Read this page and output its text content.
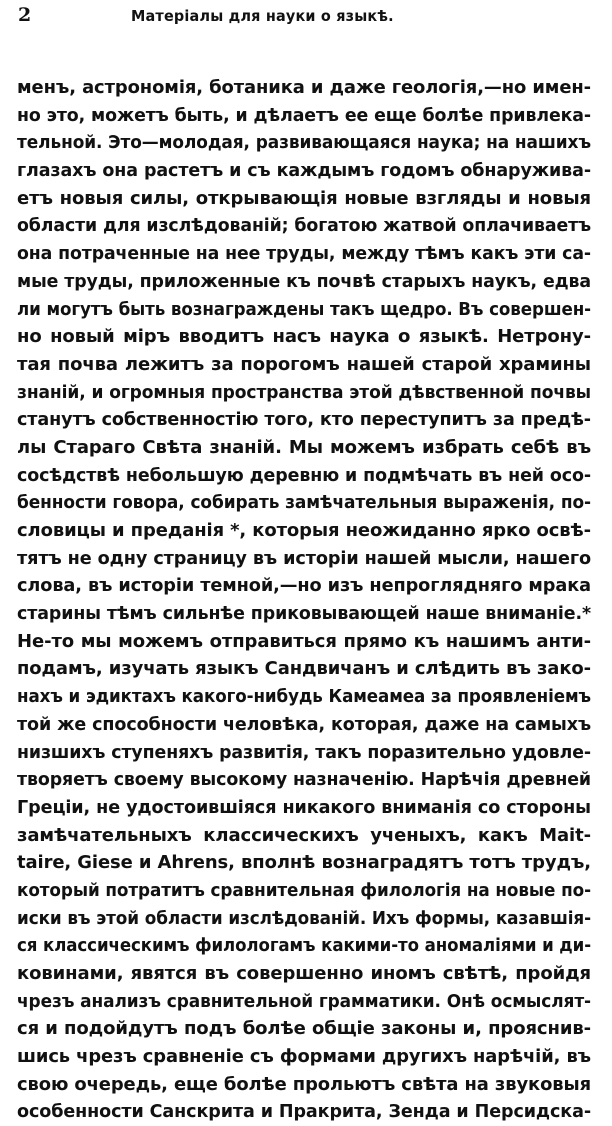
2	Матеріалы для науки о языкѣ.
менъ, астрономія, ботаника и даже геологія,—но имен-
но это, можетъ быть, и дѣлаетъ ее еще болѣе привлека-
тельной. Это—молодая, развивающаяся наука; на нашихъ
глазахъ она растетъ и съ каждымъ годомъ обнаружива-
етъ новыя силы, открывающія новые взгляды и новыя
области для изслѣдованій; богатою жатвой оплачиваетъ
она потраченные на нее труды, между тѣмъ какъ эти са-
мые труды, приложенные къ почвѣ старыхъ наукъ, едва
ли могутъ быть вознаграждены такъ щедро. Въ совершен-
но новый міръ вводитъ насъ наука о языкѣ. Нетрону-
тая почва лежитъ за порогомъ нашей старой храмины
знаній, и огромныя пространства этой дѣвственной почвы
станутъ собственностію того, кто переступитъ за предѣ-
лы Стараго Свѣта знаній. Мы можемъ избрать себѣ въ
сосѣдствѣ небольшую деревню и подмѣчать въ ней осо-
бенности говора, собирать замѣчательныя выраженія, по-
словицы и преданія *, которыя неожиданно ярко освѣ-
тятъ не одну страницу въ исторіи нашей мысли, нашего
слова, въ исторіи темной,—но изъ непроглядняго мрака
старины тѣмъ сильнѣе приковывающей наше вниманіе.*
Не-то мы можемъ отправиться прямо къ нашимъ анти-
подамъ, изучать языкъ Сандвичанъ и слѣдить въ зако-
нахъ и эдиктахъ какого-нибудь Камеамеа за проявленіемъ
той же способности человѣка, которая, даже на самыхъ
низшихъ ступеняхъ развитія, такъ поразительно удовле-
творяетъ своему высокому назначенію. Нарѣчія древней
Греціи, не удостоившіяся никакого вниманія со стороны
замѣчательныхъ классическихъ ученыхъ, какъ Mait-
taire, Giese и Ahrens, вполнѣ вознаградятъ тотъ трудъ,
который потратитъ сравнительная филологія на новые по-
иски въ этой области изслѣдованій. Ихъ формы, казавшія-
ся классическимъ филологамъ какими-то аномаліями и ди-
ковинами, явятся въ совершенно иномъ свѣтѣ, пройдя
чрезъ анализъ сравнительной грамматики. Онѣ осмыслят-
ся и подойдутъ подъ болѣе общіе законы и, прояснив-
шись чрезъ сравненіе съ формами другихъ нарѣчій, въ
свою очередь, еще болѣе прольютъ свѣта на звуковыя
особенности Санскрита и Пракрита, Зенда и Персидска-
